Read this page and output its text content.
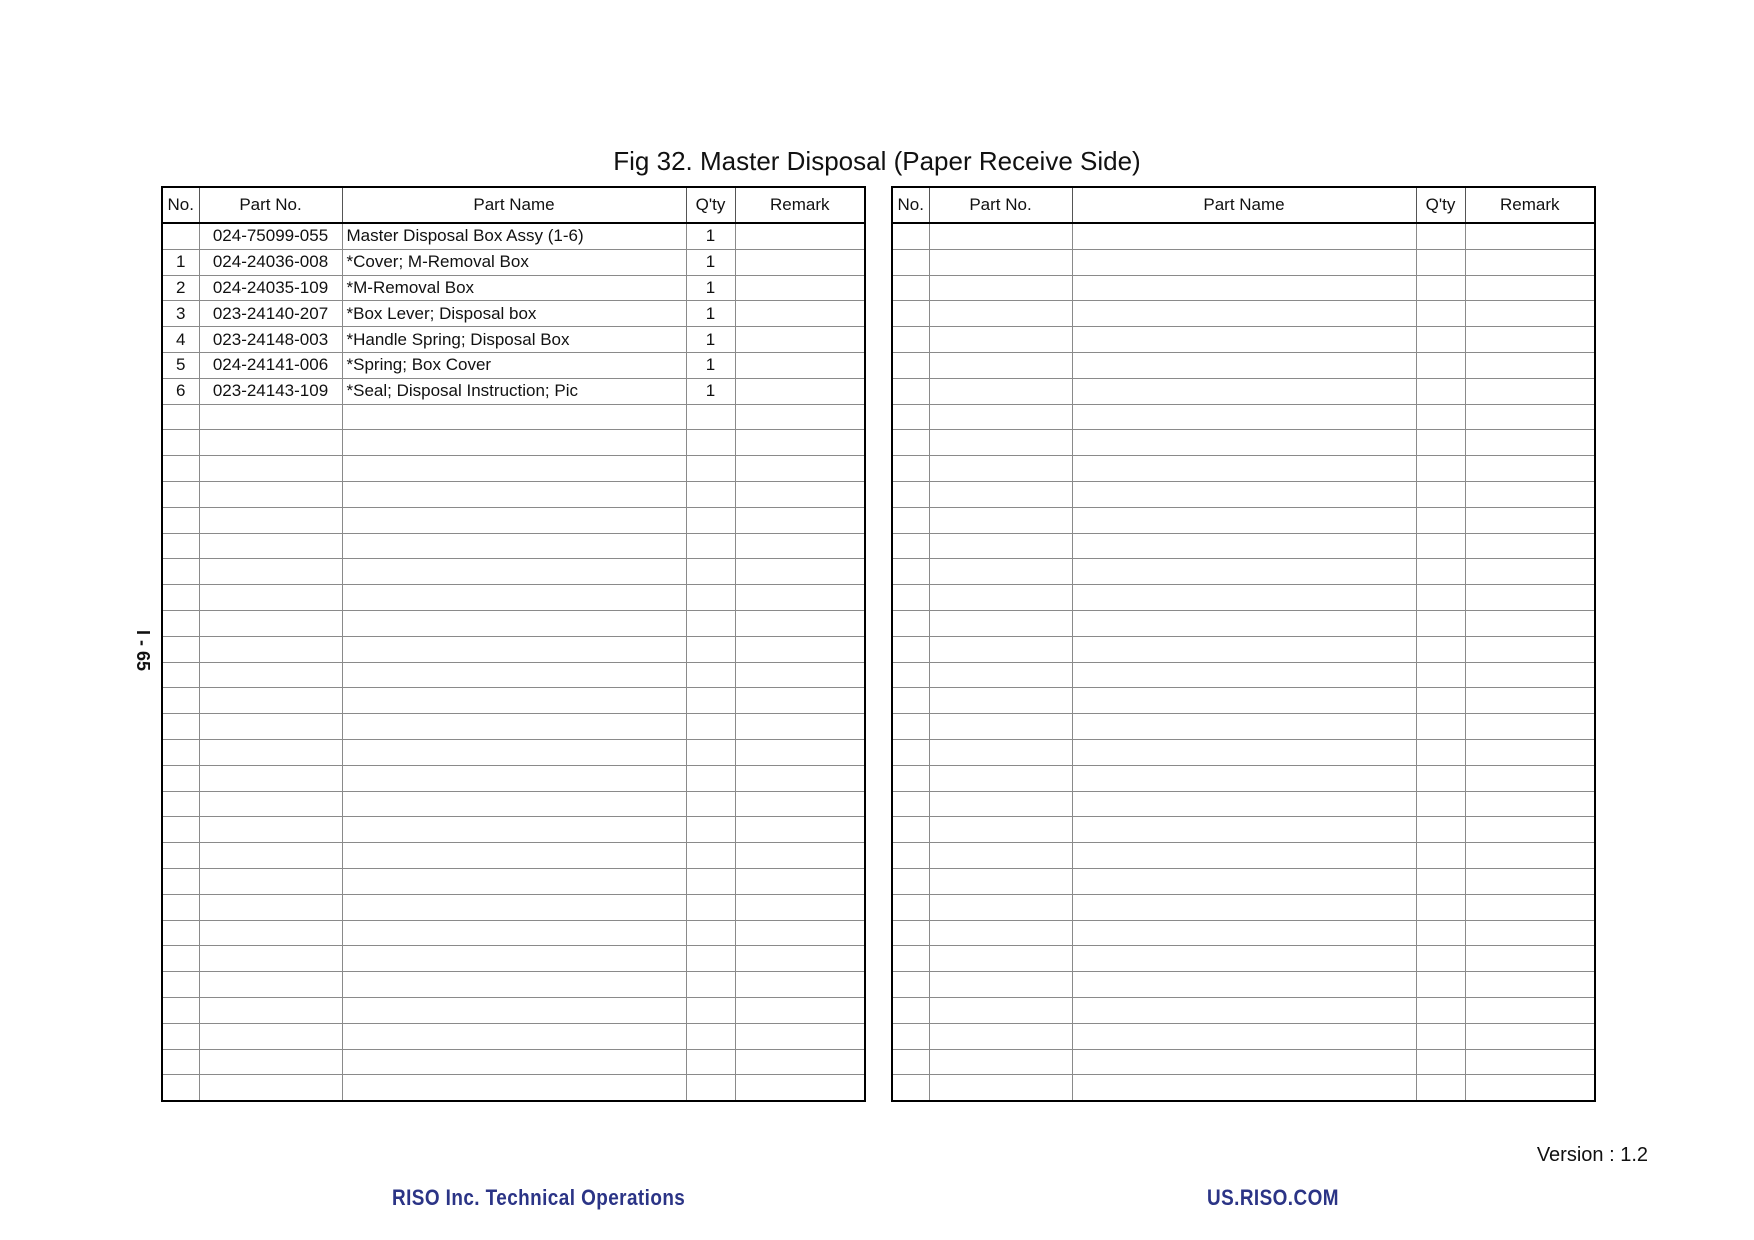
Fig 32. Master Disposal (Paper Receive Side)
No.	Part No.	Part Name	Q'ty	Remark
	024-75099-055	Master Disposal Box Assy (1-6)	1	
1	024-24036-008	*Cover; M-Removal Box	1	
2	024-24035-109	*M-Removal Box	1	
3	023-24140-207	*Box Lever; Disposal box	1	
4	023-24148-003	*Handle Spring; Disposal Box	1	
5	024-24141-006	*Spring; Box Cover	1	
6	023-24143-109	*Seal; Disposal Instruction; Pic	1	

No.	Part No.	Part Name	Q'ty	Remark

I - 65
Version : 1.2
RISO Inc. Technical Operations	US.RISO.COM
